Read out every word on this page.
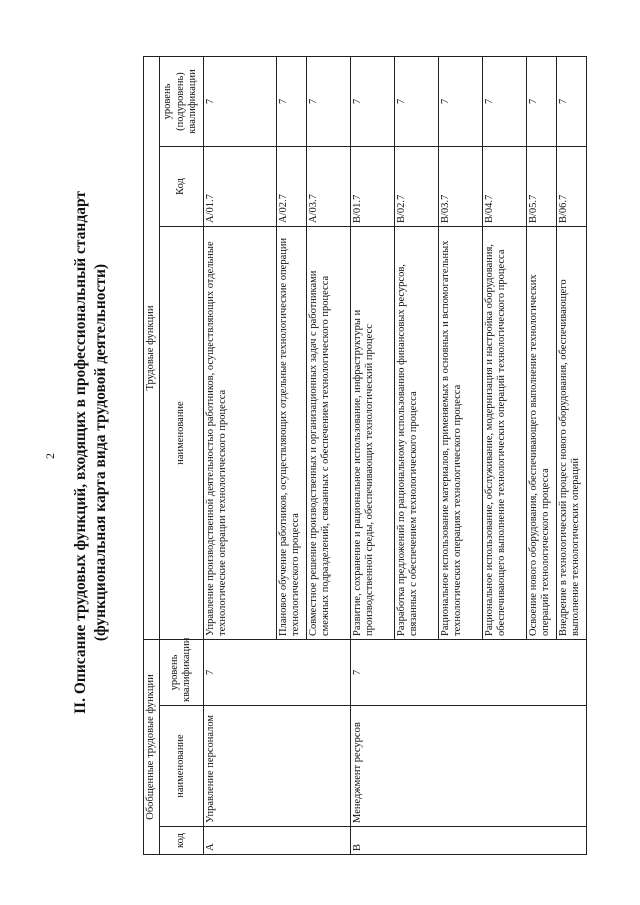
2 II. Описание трудовых функций, входящих в профессиональный стандарт (функциональная карта вида трудовой деятельности)
Обобщенные трудовые функции			Трудовые функции		
код	наименование	уровень квалификации	наименование	Код	уровень (подуровень) квалификации
A	Управление персоналом	7	Управление производственной деятельностью работников, осуществляющих отдельные технологические операции технологического процесса	A/01.7	7
			Плановое обучение работников, осуществляющих отдельные технологические операции технологического процесса	A/02.7	7
			Совместное решение производственных и организационных задач с работниками смежных подразделений, связанных с обеспечением технологического процесса	A/03.7	7
B	Менеджмент ресурсов	7	Развитие, сохранение и рациональное использование, инфраструктуры и производственной среды, обеспечивающих технологический процесс	B/01.7	7
			Разработка предложений по рациональному использованию финансовых ресурсов, связанных с обеспечением технологического процесса	B/02.7	7
			Рациональное использование материалов, применяемых в основных и вспомогательных технологических операциях технологического процесса	B/03.7	7
			Рациональное использование, обслуживание, модернизация и настройка оборудования, обеспечивающего выполнение технологических операций технологического процесса	B/04.7	7
			Освоение нового оборудования, обеспечивающего выполнение технологических операций технологического процесса	B/05.7	7
			Внедрение в технологический процесс нового оборудования, обеспечивающего выполнение технологических операций	B/06.7	7
